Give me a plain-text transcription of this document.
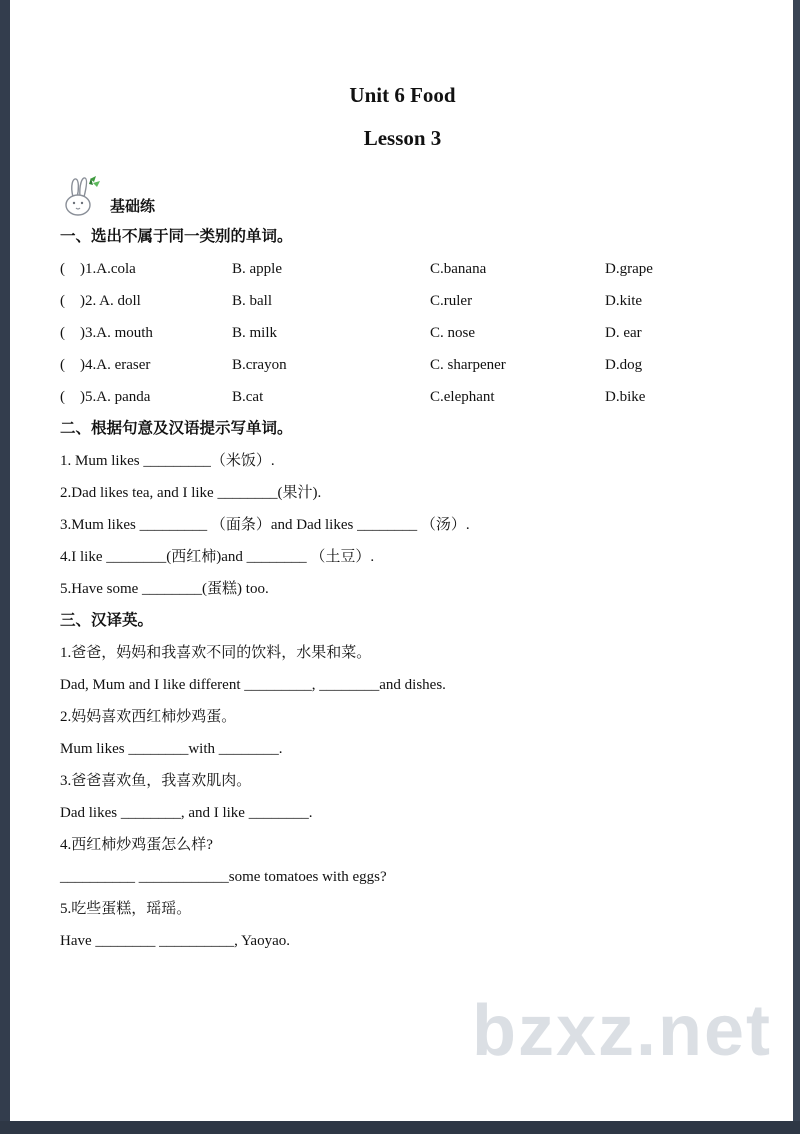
Unit 6 Food
Lesson 3
基础练
一、选出不属于同一类别的单词。
(    )1.A.cola	B. apple	C.banana	D.grape
(    )2. A. doll	B. ball	C.ruler	D.kite
(    )3.A. mouth	B. milk	C. nose	D. ear
(    )4.A. eraser	B.crayon	C. sharpener	D.dog
(    )5.A. panda	B.cat	C.elephant	D.bike
二、根据句意及汉语提示写单词。

1. Mum likes _________（米饭）.

2.Dad likes tea, and I like ________(果汁).

3.Mum likes _________ （面条）and Dad likes ________ （汤）.

4.I like ________(西红柿)and ________ （土豆）.

5.Have some ________(蛋糕) too.

三、汉译英。

1.爸爸，妈妈和我喜欢不同的饮料，水果和菜。

Dad, Mum and I like different _________, ________and dishes.

2.妈妈喜欢西红柿炒鸡蛋。

Mum likes ________with ________.

3.爸爸喜欢鱼，我喜欢肌肉。

Dad likes ________, and I like ________.

4.西红柿炒鸡蛋怎么样?

__________ ____________some tomatoes with eggs?

5.吃些蛋糕，瑶瑶。

Have ________ __________, Yaoyao.

bzxz.net
